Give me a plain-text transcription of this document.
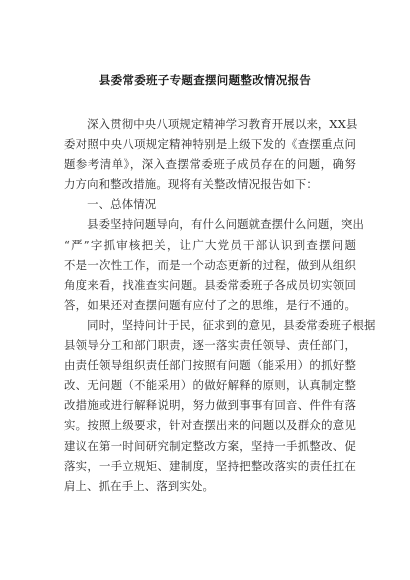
县委常委班子专题查摆问题整改情况报告
　　深入贯彻中央八项规定精神学习教育开展以来，XX县
委对照中央八项规定精神特别是上级下发的《查摆重点问
题参考清单》，深入查摆常委班子成员存在的问题，确努
力方向和整改措施。现将有关整改情况报告如下：
　　一、总体情况
　　县委坚持问题导向，有什么问题就查摆什么问题，突出
“严”字抓审核把关，让广大党员干部认识到查摆问题
不是一次性工作，而是一个动态更新的过程，做到从组织
角度来看，找准查实问题。县委常委班子各成员切实领回
答，如果还对查摆问题有应付了之的思维，是行不通的。
　　同时，坚持问计于民，征求到的意见，县委常委班子根据
县领导分工和部门职责，逐一落实责任领导、责任部门，
由责任领导组织责任部门按照有问题（能采用）的抓好整
改、无问题（不能采用）的做好解释的原则，认真制定整
改措施或进行解释说明，努力做到事事有回音、件件有落
实。按照上级要求，针对查摆出来的问题以及群众的意见
建议在第一时间研究制定整改方案，坚持一手抓整改、促
落实，一手立规矩、建制度，坚持把整改落实的责任扛在
肩上、抓在手上、落到实处。
